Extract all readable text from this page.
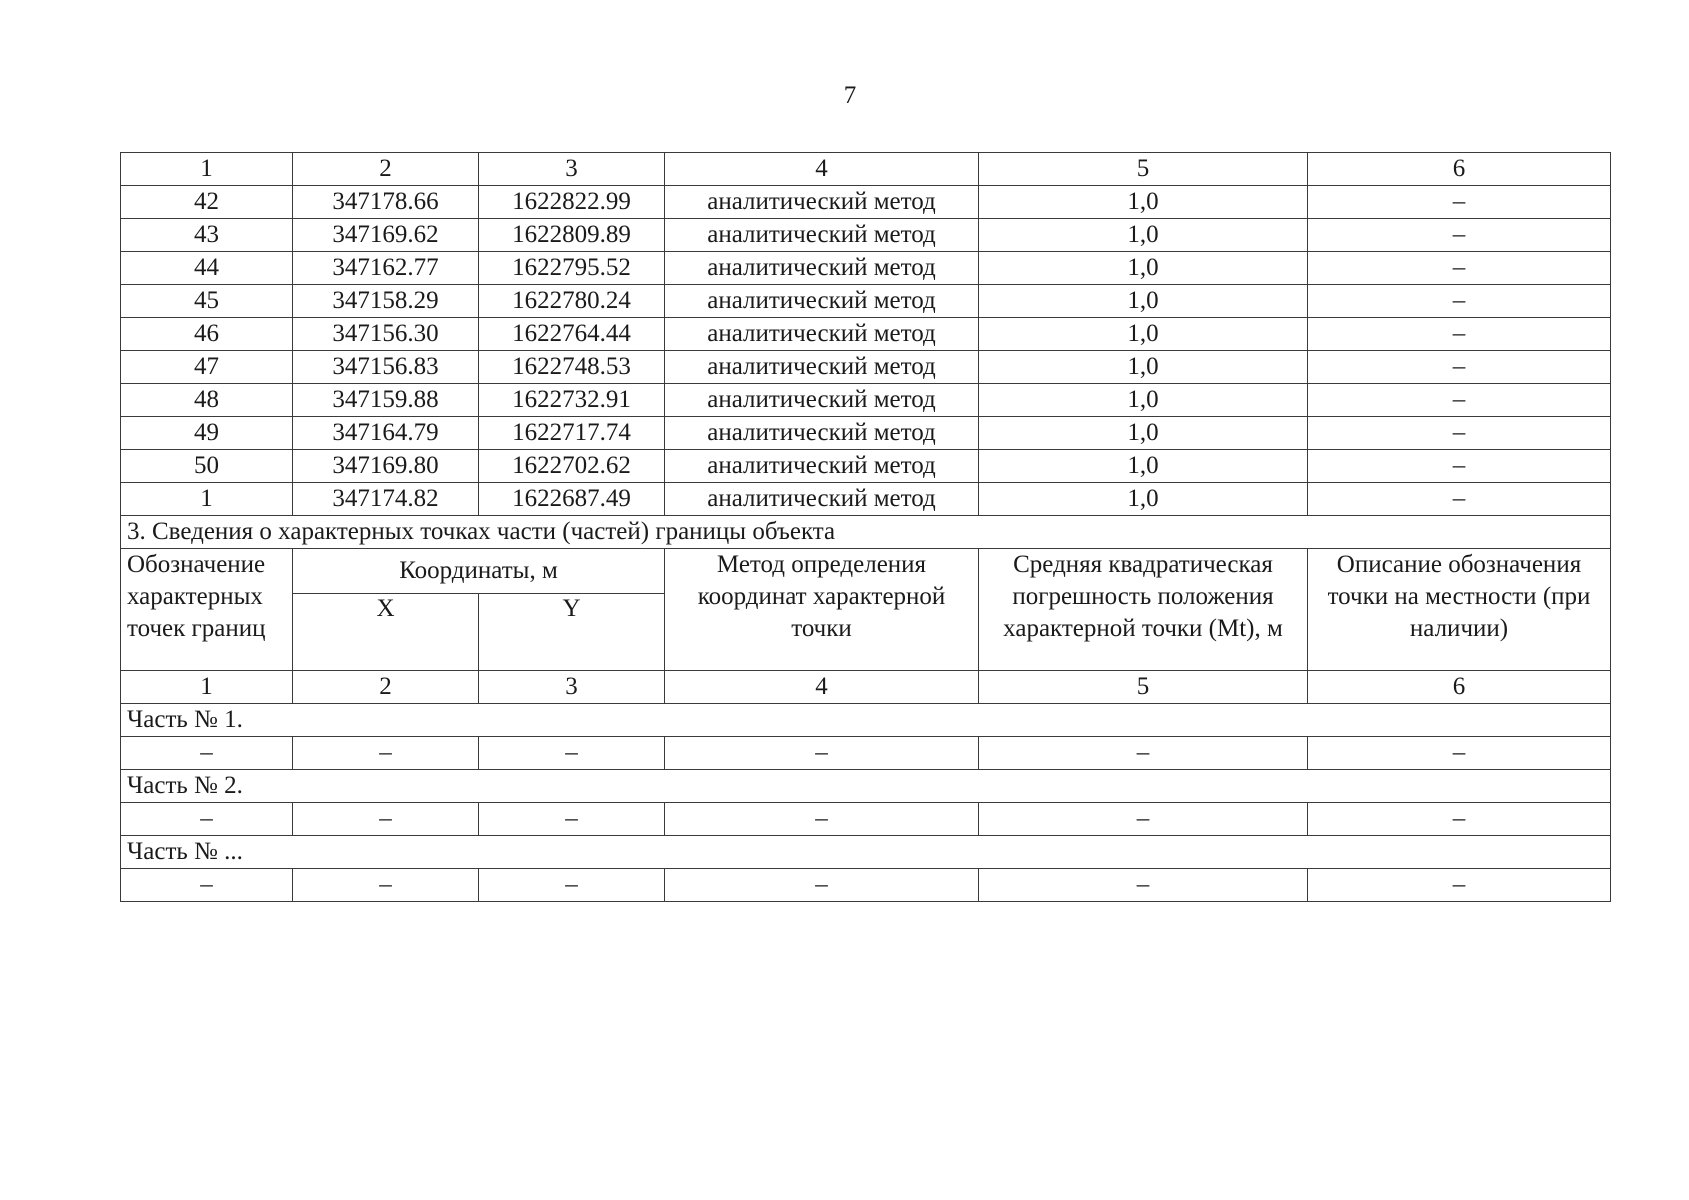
7
1	2	3	4	5	6
42	347178.66	1622822.99	аналитический метод	1,0	–
43	347169.62	1622809.89	аналитический метод	1,0	–
44	347162.77	1622795.52	аналитический метод	1,0	–
45	347158.29	1622780.24	аналитический метод	1,0	–
46	347156.30	1622764.44	аналитический метод	1,0	–
47	347156.83	1622748.53	аналитический метод	1,0	–
48	347159.88	1622732.91	аналитический метод	1,0	–
49	347164.79	1622717.74	аналитический метод	1,0	–
50	347169.80	1622702.62	аналитический метод	1,0	–
1	347174.82	1622687.49	аналитический метод	1,0	–
3. Сведения о характерных точках части (частей) границы объекта					
Обозначение характерных точек границ	Координаты, м		Метод определения координат характерной точки	Средняя квадратическая погрешность положения характерной точки (Mt), м	Описание обозначения точки на местности (при наличии)
	X	Y			
1	2	3	4	5	6
Часть № 1.					
–	–	–	–	–	–
Часть № 2.					
–	–	–	–	–	–
Часть № ...					
–	–	–	–	–	–
